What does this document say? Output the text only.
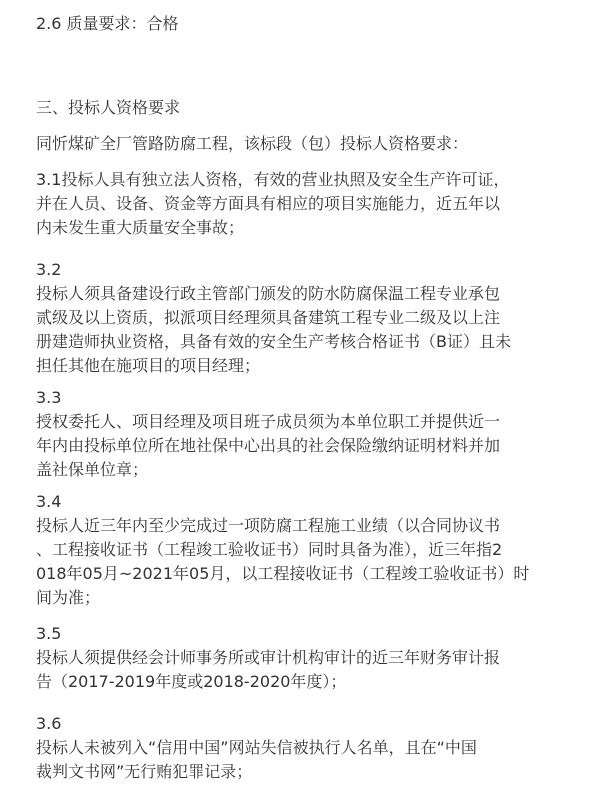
2.6 质量要求：合格

三、投标人资格要求

同忻煤矿全厂管路防腐工程，该标段（包）投标人资格要求：

3.1投标人具有独立法人资格，有效的营业执照及安全生产许可证，
并在人员、设备、资金等方面具有相应的项目实施能力，近五年以
内未发生重大质量安全事故；
3.2
投标人须具备建设行政主管部门颁发的防水防腐保温工程专业承包
贰级及以上资质，拟派项目经理须具备建筑工程专业二级及以上注
册建造师执业资格，具备有效的安全生产考核合格证书（B证）且未
担任其他在施项目的项目经理；
3.3
授权委托人、项目经理及项目班子成员须为本单位职工并提供近一
年内由投标单位所在地社保中心出具的社会保险缴纳证明材料并加
盖社保单位章；
3.4
投标人近三年内至少完成过一项防腐工程施工业绩（以合同协议书
、工程接收证书（工程竣工验收证书）同时具备为准），近三年指2
018年05月~2021年05月，以工程接收证书（工程竣工验收证书）时
间为准；
3.5
投标人须提供经会计师事务所或审计机构审计的近三年财务审计报
告（2017-2019年度或2018-2020年度）；
3.6
投标人未被列入“信用中国”网站失信被执行人名单，且在“中国
裁判文书网”无行贿犯罪记录；
